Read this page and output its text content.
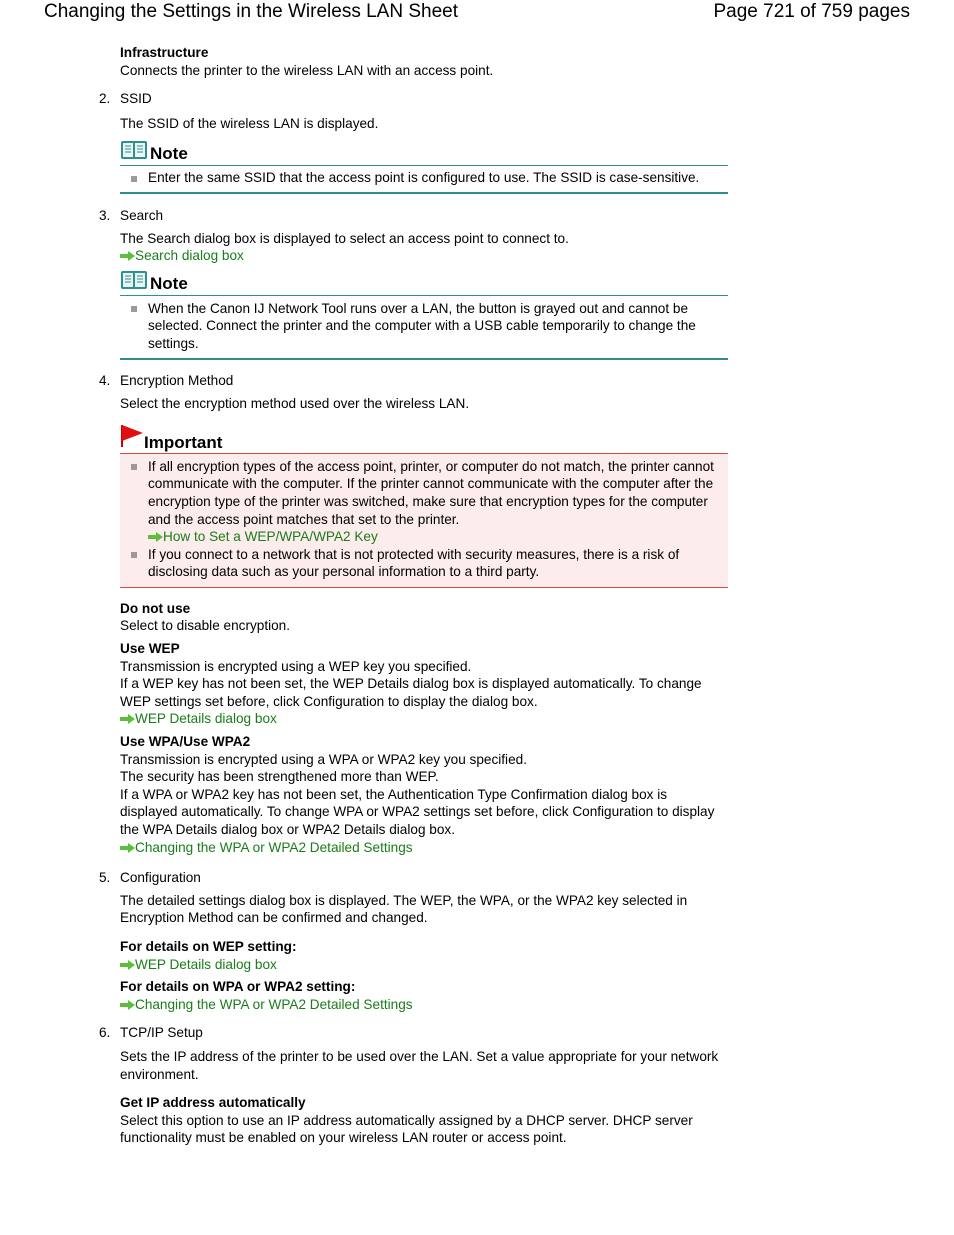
Changing the Settings in the Wireless LAN Sheet	Page 721 of 759 pages

Infrastructure

Connects the printer to the wireless LAN with an access point.

2. SSID

The SSID of the wireless LAN is displayed.

Note
Enter the same SSID that the access point is configured to use. The SSID is case-sensitive.
3. Search

The Search dialog box is displayed to select an access point to connect to.

Search dialog box
Note
When the Canon IJ Network Tool runs over a LAN, the button is grayed out and cannot be selected. Connect the printer and the computer with a USB cable temporarily to change the settings.
4. Encryption Method

Select the encryption method used over the wireless LAN.

Important
If all encryption types of the access point, printer, or computer do not match, the printer cannot communicate with the computer. If the printer cannot communicate with the computer after the encryption type of the printer was switched, make sure that encryption types for the computer and the access point matches that set to the printer.
How to Set a WEP/WPA/WPA2 Key
If you connect to a network that is not protected with security measures, there is a risk of disclosing data such as your personal information to a third party.

Do not use

Select to disable encryption.

Use WEP

Transmission is encrypted using a WEP key you specified.

If a WEP key has not been set, the WEP Details dialog box is displayed automatically. To change WEP settings set before, click Configuration to display the dialog box.

WEP Details dialog box

Use WPA/Use WPA2

Transmission is encrypted using a WPA or WPA2 key you specified.

The security has been strengthened more than WEP.

If a WPA or WPA2 key has not been set, the Authentication Type Confirmation dialog box is displayed automatically. To change WPA or WPA2 settings set before, click Configuration to display the WPA Details dialog box or WPA2 Details dialog box.

Changing the WPA or WPA2 Detailed Settings
5. Configuration

The detailed settings dialog box is displayed. The WEP, the WPA, or the WPA2 key selected in Encryption Method can be confirmed and changed.

For details on WEP setting:

WEP Details dialog box

For details on WPA or WPA2 setting:

Changing the WPA or WPA2 Detailed Settings
6. TCP/IP Setup

Sets the IP address of the printer to be used over the LAN. Set a value appropriate for your network environment.

Get IP address automatically

Select this option to use an IP address automatically assigned by a DHCP server. DHCP server functionality must be enabled on your wireless LAN router or access point.
